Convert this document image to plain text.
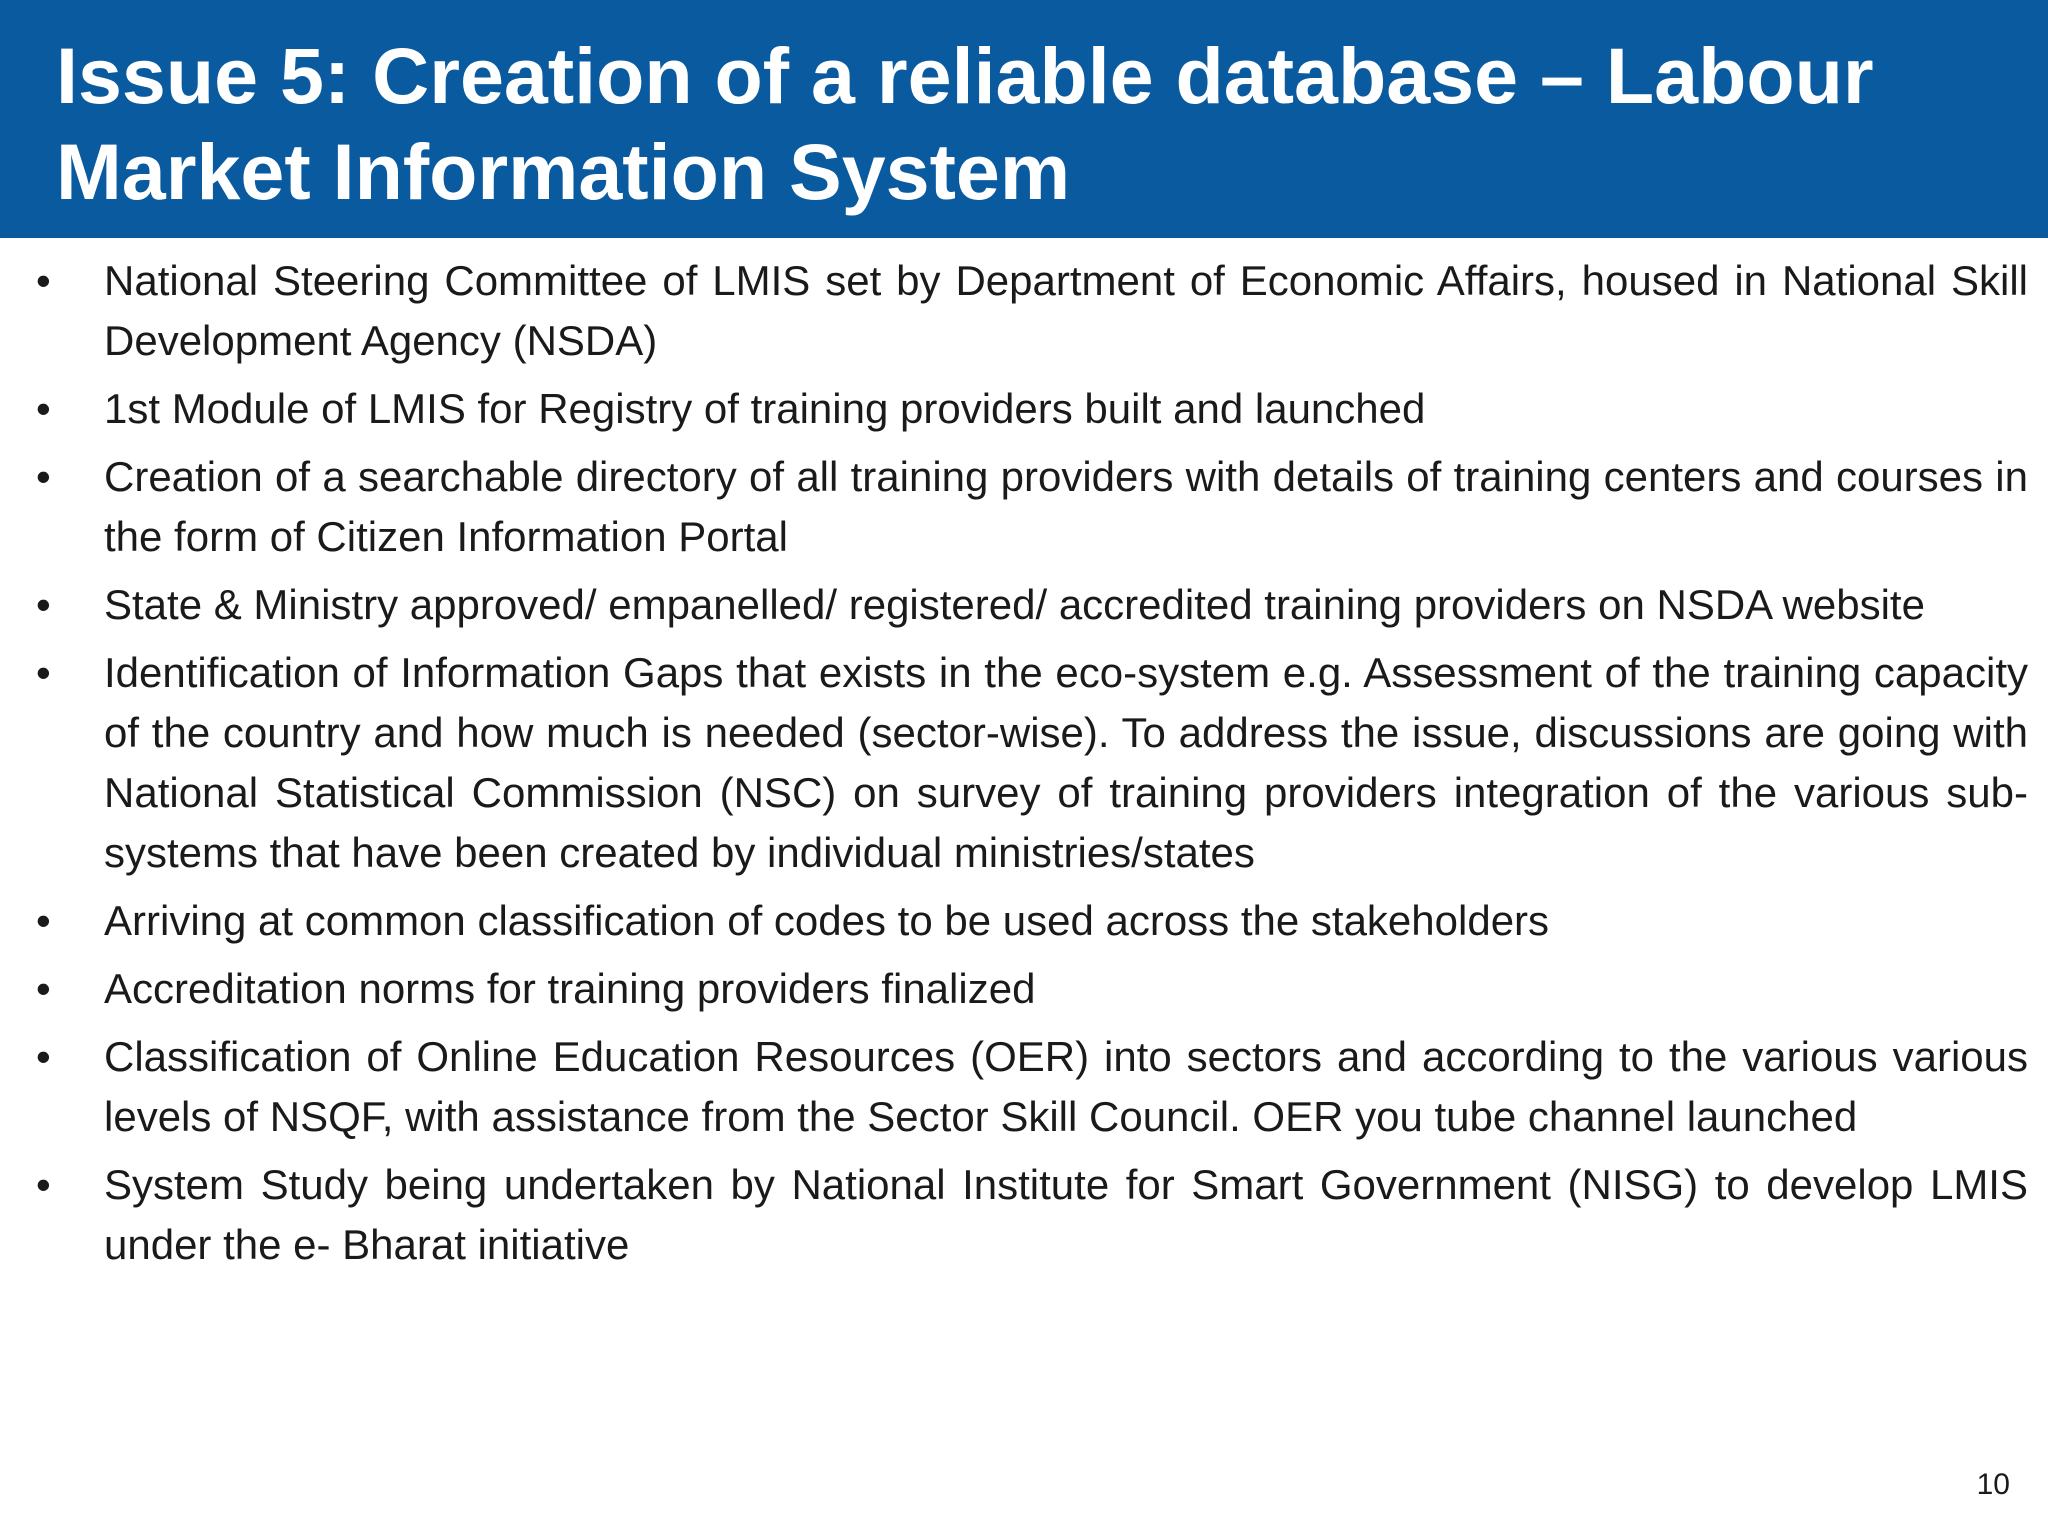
Issue 5: Creation of a reliable database – Labour Market Information System
•	National Steering Committee of LMIS set by Department of Economic Affairs, housed in National Skill Development Agency (NSDA)
•	1st Module of LMIS for Registry of training providers built and launched
•	Creation of a searchable directory of all training providers with details of training centers and courses in the form of Citizen Information Portal
•	State & Ministry approved/ empanelled/ registered/ accredited training providers on NSDA website
•	Identification of Information Gaps that exists in the eco-system e.g. Assessment of the training capacity of the country and how much is needed (sector-wise). To address the issue, discussions are going with National Statistical Commission (NSC) on survey of training providers integration of the various sub-systems that have been created by individual ministries/states
•	Arriving at common classification of codes to be used across the stakeholders
•	Accreditation norms for training providers finalized
•	Classification of Online Education Resources (OER) into sectors and according to the various various levels of NSQF, with assistance from the Sector Skill Council. OER you tube channel launched
•	System Study being undertaken by National Institute for Smart Government (NISG) to develop LMIS under the e- Bharat initiative
10
